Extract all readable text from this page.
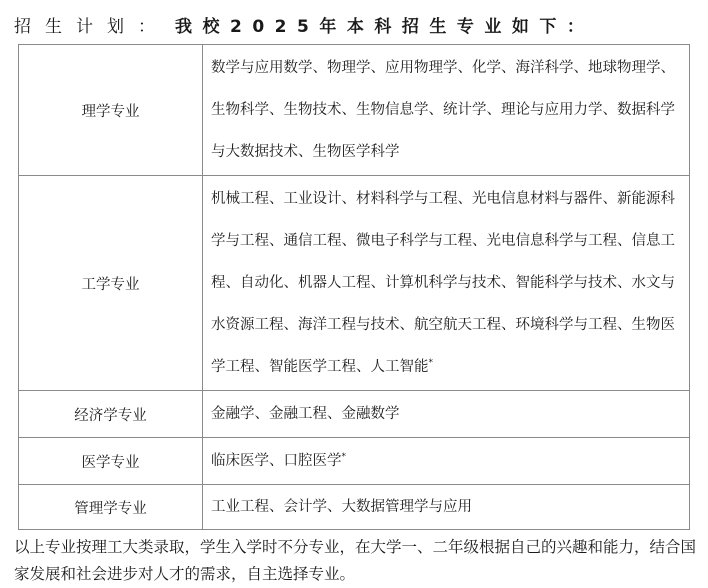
招生计划 ： 我校2025年本科招生专业如下：
理学专业	数学与应用数学、物理学、应用物理学、化学、海洋科学、地球物理学、生物科学、生物技术、生物信息学、统计学、理论与应用力学、数据科学与大数据技术、生物医学科学
工学专业	机械工程、工业设计、材料科学与工程、光电信息材料与器件、新能源科学与工程、通信工程、微电子科学与工程、光电信息科学与工程、信息工程、自动化、机器人工程、计算机科学与技术、智能科学与技术、水文与水资源工程、海洋工程与技术、航空航天工程、环境科学与工程、生物医学工程、智能医学工程、人工智能*
经济学专业	金融学、金融工程、金融数学
医学专业	临床医学、口腔医学*
管理学专业	工业工程、会计学、大数据管理学与应用
以上专业按理工大类录取，学生入学时不分专业，在大学一、二年级根据自己的兴趣和能力，结合国家发展和社会进步对人才的需求，自主选择专业。
